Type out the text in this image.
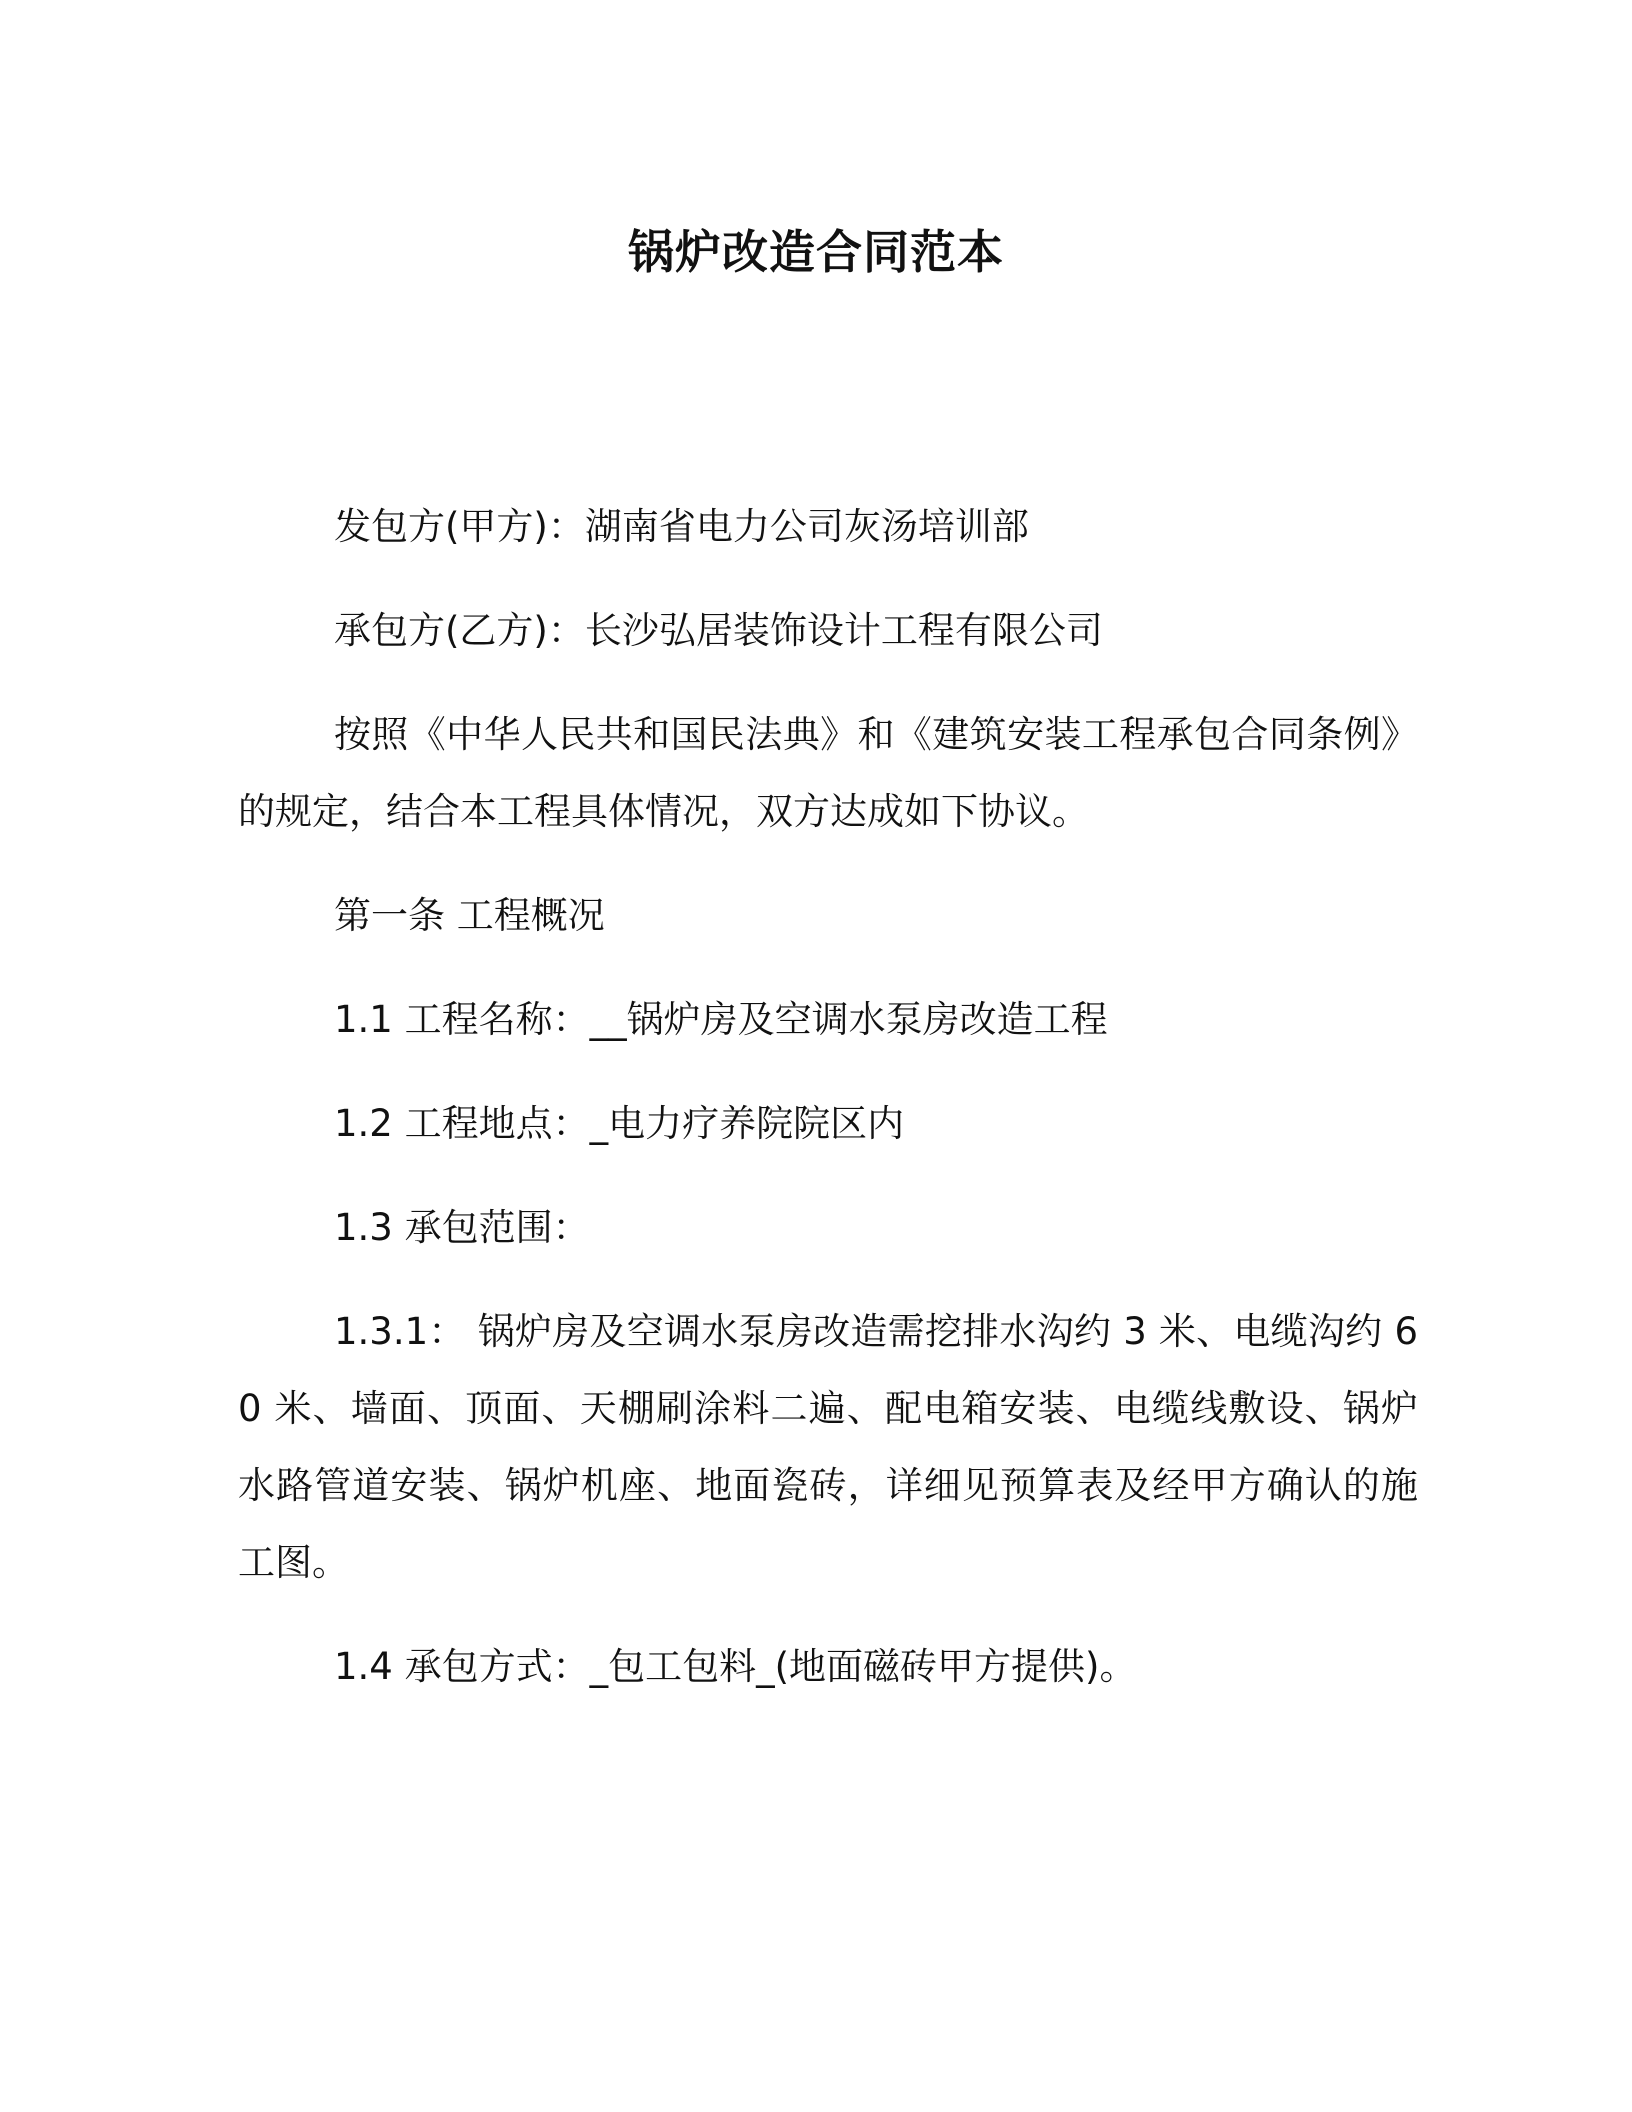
锅炉改造合同范本

发包方(甲方)：湖南省电力公司灰汤培训部

承包方(乙方)：长沙弘居装饰设计工程有限公司

按照《中华人民共和国民法典》和《建筑安装工程承包合同条例》的规定，结合本工程具体情况，双方达成如下协议。

第一条 工程概况

1.1 工程名称：__锅炉房及空调水泵房改造工程

1.2 工程地点：_电力疗养院院区内

1.3 承包范围：

1.3.1： 锅炉房及空调水泵房改造需挖排水沟约 3 米、电缆沟约 60 米、墙面、顶面、天棚刷涂料二遍、配电箱安装、电缆线敷设、锅炉水路管道安装、锅炉机座、地面瓷砖，详细见预算表及经甲方确认的施工图。

1.4 承包方式：_包工包料_(地面磁砖甲方提供)。
